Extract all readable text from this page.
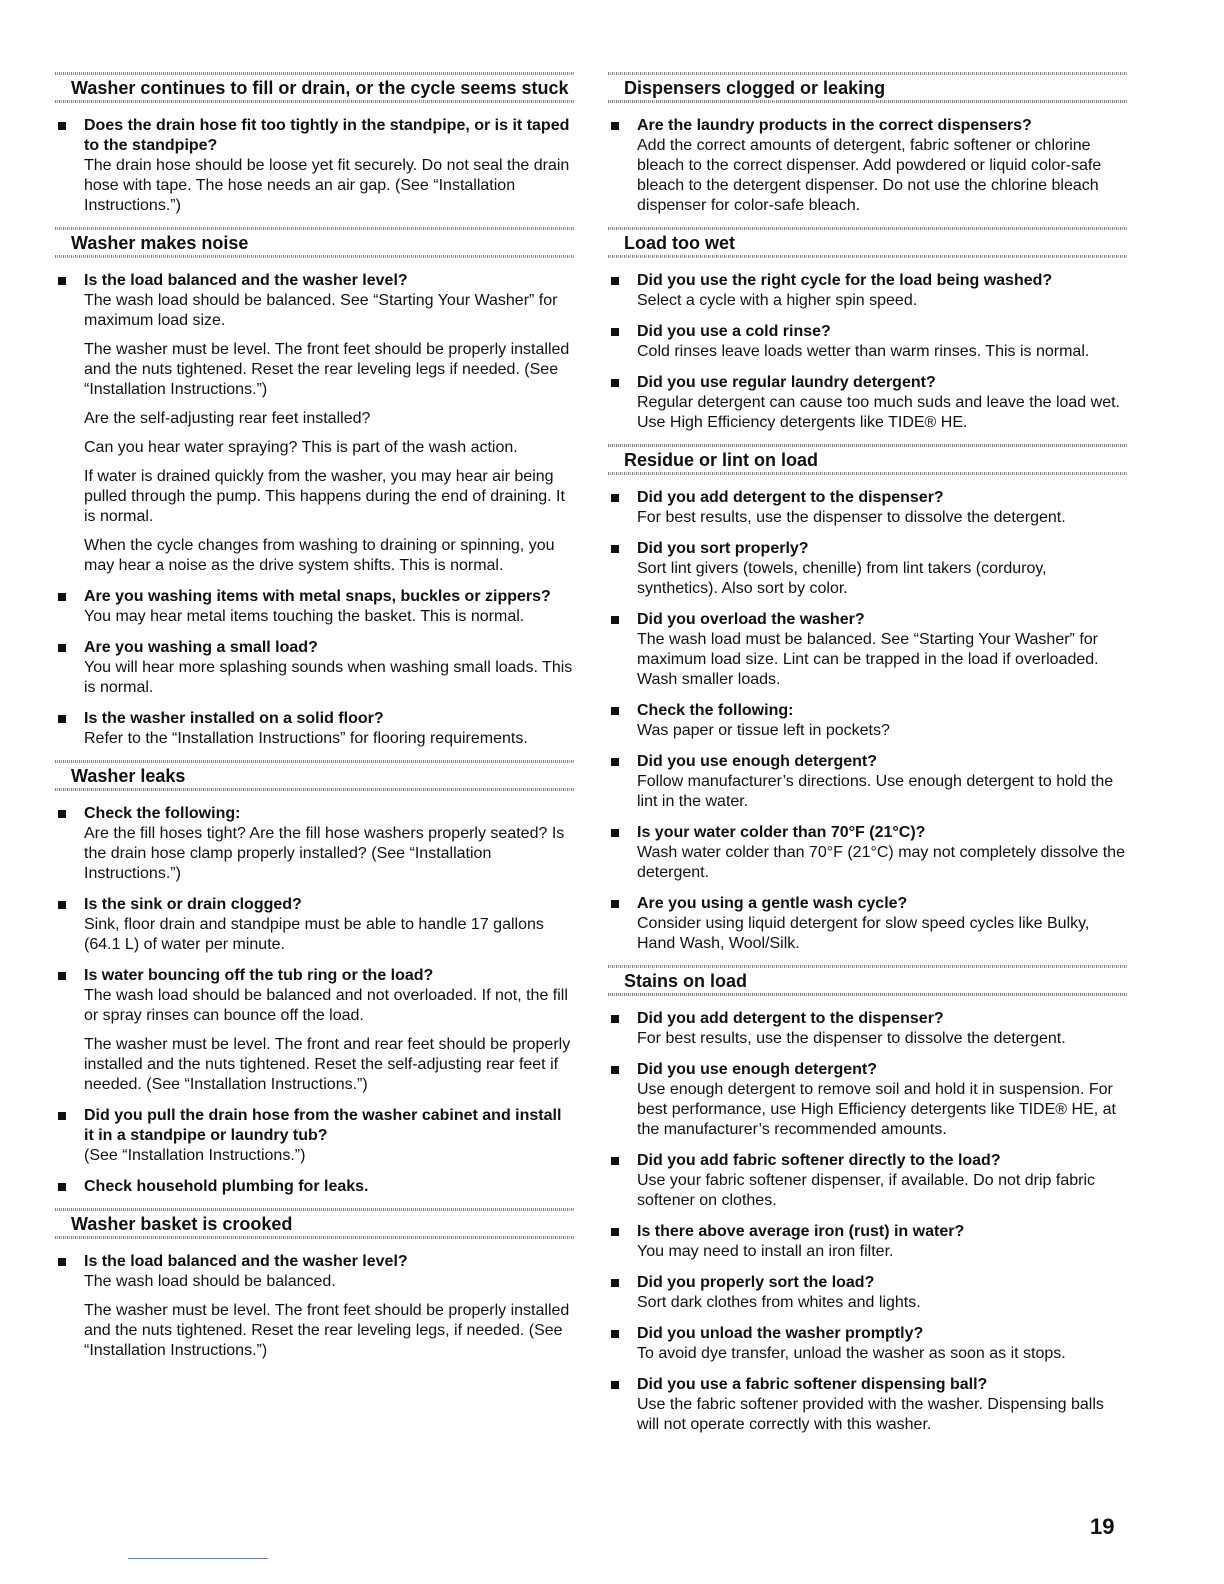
Washer continues to fill or drain, or the cycle seems stuck
Does the drain hose fit too tightly in the standpipe, or is it taped to the standpipe?
The drain hose should be loose yet fit securely. Do not seal the drain hose with tape. The hose needs an air gap. (See “Installation Instructions.”)
Washer makes noise
Is the load balanced and the washer level?
The wash load should be balanced. See “Starting Your Washer” for maximum load size.
The washer must be level. The front feet should be properly installed and the nuts tightened. Reset the rear leveling legs if needed. (See “Installation Instructions.”)
Are the self-adjusting rear feet installed?
Can you hear water spraying? This is part of the wash action.
If water is drained quickly from the washer, you may hear air being pulled through the pump. This happens during the end of draining. It is normal.
When the cycle changes from washing to draining or spinning, you may hear a noise as the drive system shifts. This is normal.
Are you washing items with metal snaps, buckles or zippers?
You may hear metal items touching the basket. This is normal.
Are you washing a small load?
You will hear more splashing sounds when washing small loads. This is normal.
Is the washer installed on a solid floor?
Refer to the “Installation Instructions” for flooring requirements.
Washer leaks
Check the following:
Are the fill hoses tight? Are the fill hose washers properly seated? Is the drain hose clamp properly installed? (See “Installation Instructions.”)
Is the sink or drain clogged?
Sink, floor drain and standpipe must be able to handle 17 gallons (64.1 L) of water per minute.
Is water bouncing off the tub ring or the load?
The wash load should be balanced and not overloaded. If not, the fill or spray rinses can bounce off the load.
The washer must be level. The front and rear feet should be properly installed and the nuts tightened. Reset the self-adjusting rear feet if needed. (See “Installation Instructions.”)
Did you pull the drain hose from the washer cabinet and install it in a standpipe or laundry tub?
(See “Installation Instructions.”)
Check household plumbing for leaks.
Washer basket is crooked
Is the load balanced and the washer level?
The wash load should be balanced.
The washer must be level. The front feet should be properly installed and the nuts tightened. Reset the rear leveling legs, if needed. (See “Installation Instructions.”)
Dispensers clogged or leaking
Are the laundry products in the correct dispensers?
Add the correct amounts of detergent, fabric softener or chlorine bleach to the correct dispenser. Add powdered or liquid color-safe bleach to the detergent dispenser. Do not use the chlorine bleach dispenser for color-safe bleach.
Load too wet
Did you use the right cycle for the load being washed?
Select a cycle with a higher spin speed.
Did you use a cold rinse?
Cold rinses leave loads wetter than warm rinses. This is normal.
Did you use regular laundry detergent?
Regular detergent can cause too much suds and leave the load wet. Use High Efficiency detergents like TIDE® HE.
Residue or lint on load
Did you add detergent to the dispenser?
For best results, use the dispenser to dissolve the detergent.
Did you sort properly?
Sort lint givers (towels, chenille) from lint takers (corduroy, synthetics). Also sort by color.
Did you overload the washer?
The wash load must be balanced. See “Starting Your Washer” for maximum load size. Lint can be trapped in the load if overloaded. Wash smaller loads.
Check the following:
Was paper or tissue left in pockets?
Did you use enough detergent?
Follow manufacturer’s directions. Use enough detergent to hold the lint in the water.
Is your water colder than 70°F (21°C)?
Wash water colder than 70°F (21°C) may not completely dissolve the detergent.
Are you using a gentle wash cycle?
Consider using liquid detergent for slow speed cycles like Bulky, Hand Wash, Wool/Silk.
Stains on load
Did you add detergent to the dispenser?
For best results, use the dispenser to dissolve the detergent.
Did you use enough detergent?
Use enough detergent to remove soil and hold it in suspension. For best performance, use High Efficiency detergents like TIDE® HE, at the manufacturer’s recommended amounts.
Did you add fabric softener directly to the load?
Use your fabric softener dispenser, if available. Do not drip fabric softener on clothes.
Is there above average iron (rust) in water?
You may need to install an iron filter.
Did you properly sort the load?
Sort dark clothes from whites and lights.
Did you unload the washer promptly?
To avoid dye transfer, unload the washer as soon as it stops.
Did you use a fabric softener dispensing ball?
Use the fabric softener provided with the washer. Dispensing balls will not operate correctly with this washer.
19
